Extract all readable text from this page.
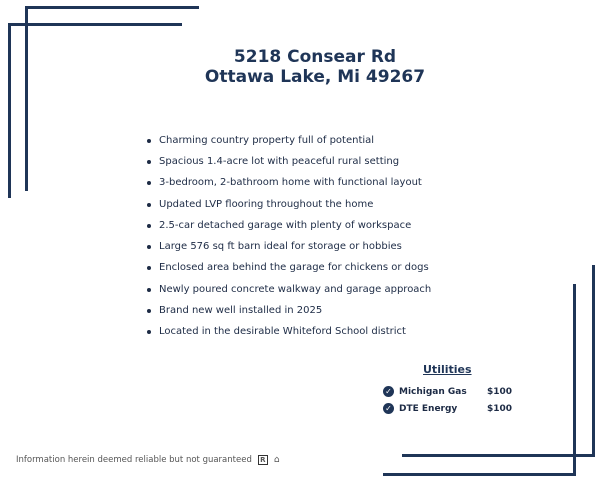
5218 Consear Rd
Ottawa Lake, Mi 49267
Charming country property full of potential
Spacious 1.4-acre lot with peaceful rural setting
3-bedroom, 2-bathroom home with functional layout
Updated LVP flooring throughout the home
2.5-car detached garage with plenty of workspace
Large 576 sq ft barn ideal for storage or hobbies
Enclosed area behind the garage for chickens or dogs
Newly poured concrete walkway and garage approach
Brand new well installed in 2025
Located in the desirable Whiteford School district
Utilities
✓ Michigan Gas	$100
✓ DTE Energy	$100
Information herein deemed reliable but not guaranteed	R ⌂
